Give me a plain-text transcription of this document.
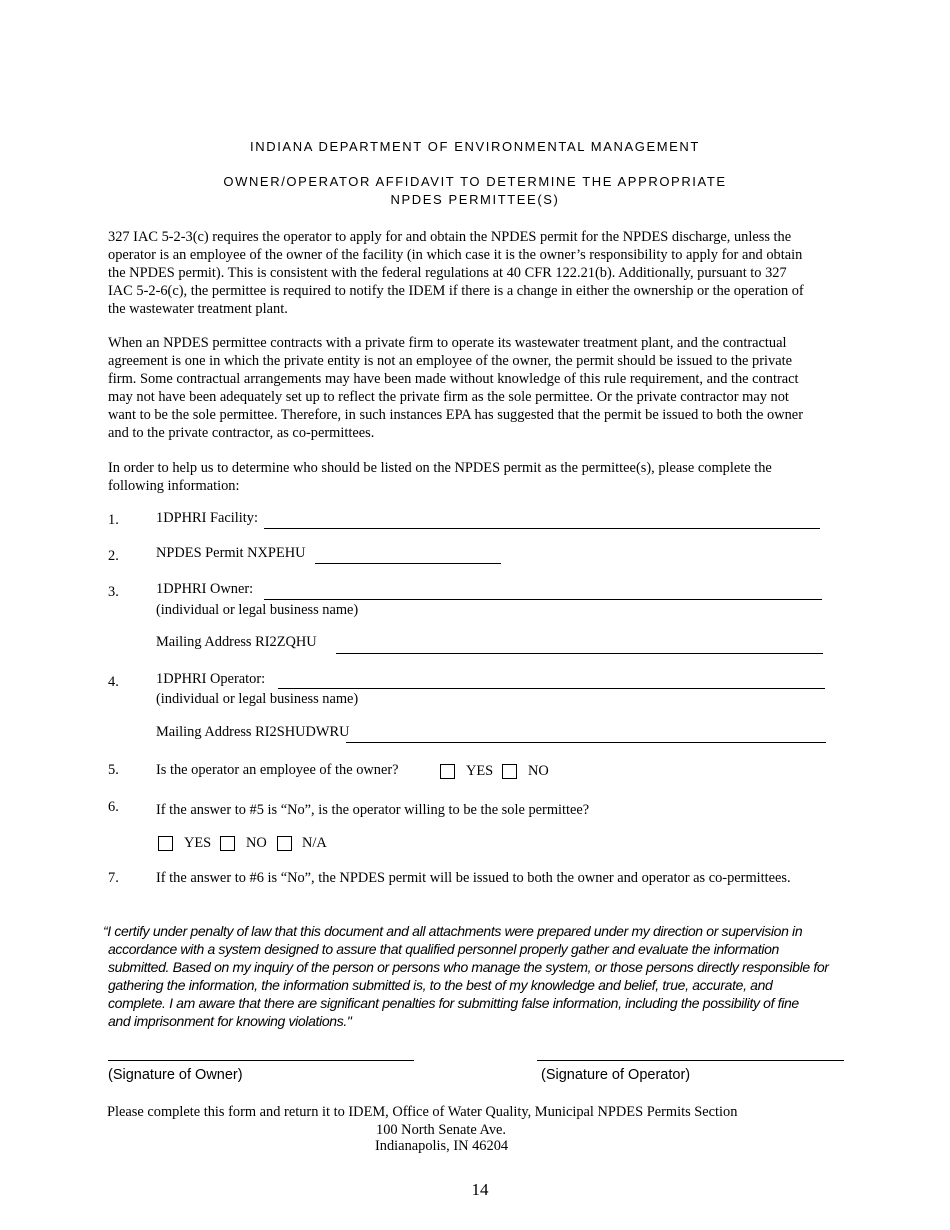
INDIANA DEPARTMENT OF ENVIRONMENTAL MANAGEMENT
OWNER/OPERATOR AFFIDAVIT TO DETERMINE THE APPROPRIATE
NPDES PERMITTEE(S)
327 IAC 5-2-3(c) requires the operator to apply for and obtain the NPDES permit for the NPDES discharge, unless the
operator is an employee of the owner of the facility (in which case it is the owner’s responsibility to apply for and obtain
the NPDES permit). This is consistent with the federal regulations at 40 CFR 122.21(b). Additionally, pursuant to 327
IAC 5-2-6(c), the permittee is required to notify the IDEM if there is a change in either the ownership or the operation of
the wastewater treatment plant.
When an NPDES permittee contracts with a private firm to operate its wastewater treatment plant, and the contractual
agreement is one in which the private entity is not an employee of the owner, the permit should be issued to the private
firm. Some contractual arrangements may have been made without knowledge of this rule requirement, and the contract
may not have been adequately set up to reflect the private firm as the sole permittee. Or the private contractor may not
want to be the sole permittee. Therefore, in such instances EPA has suggested that the permit be issued to both the owner
and to the private contractor, as co-permittees.
In order to help us to determine who should be listed on the NPDES permit as the permittee(s), please complete the
following information:
1.	1DPHRI Facility:
2.	NPDES Permit NXPEHU
3.	1DPHRI Owner:
(individual or legal business name)
Mailing Address RI2ZQHU
4.	1DPHRI Operator:
(individual or legal business name)
Mailing Address RI2SHUDWRU
5.	Is the operator an employee of the owner?	YES NO
6.	If the answer to #5 is “No”, is the operator willing to be the sole permittee?
YES NO N/A
7.	If the answer to #6 is “No”, the NPDES permit will be issued to both the owner and operator as co-permittees.
“I certify under penalty of law that this document and all attachments were prepared under my direction or supervision in
accordance with a system designed to assure that qualified personnel properly gather and evaluate the information
submitted. Based on my inquiry of the person or persons who manage the system, or those persons directly responsible for
gathering the information, the information submitted is, to the best of my knowledge and belief, true, accurate, and
complete. I am aware that there are significant penalties for submitting false information, including the possibility of fine
and imprisonment for knowing violations."
(Signature of Owner)	(Signature of Operator)
Please complete this form and return it to IDEM, Office of Water Quality, Municipal NPDES Permits Section
100 North Senate Ave.
Indianapolis, IN 46204
14
